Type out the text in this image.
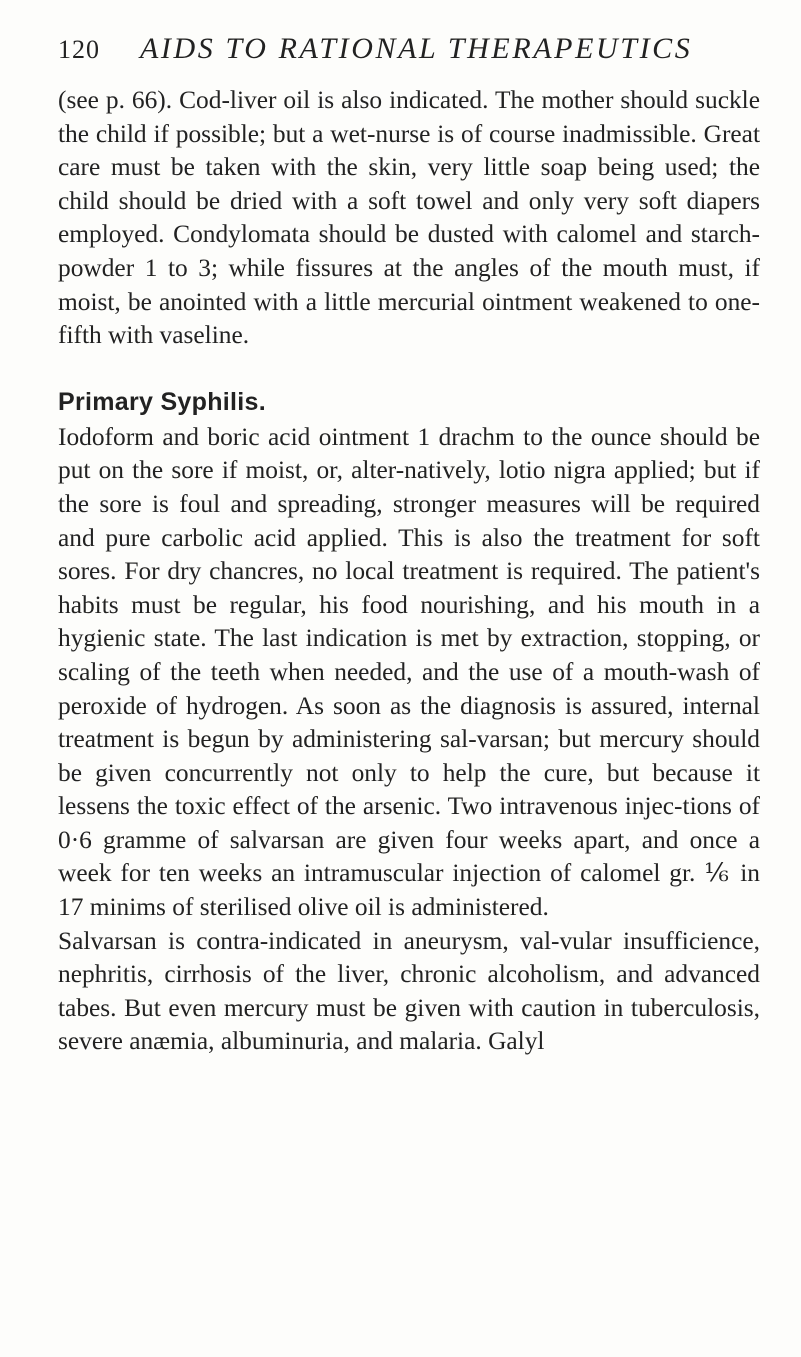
120	AIDS TO RATIONAL THERAPEUTICS

(see p. 66). Cod-liver oil is also indicated. The mother should suckle the child if possible; but a wet-nurse is of course inadmissible. Great care must be taken with the skin, very little soap being used; the child should be dried with a soft towel and only very soft diapers employed. Condylomata should be dusted with calomel and starch-powder 1 to 3; while fissures at the angles of the mouth must, if moist, be anointed with a little mercurial ointment weakened to one-fifth with vaseline.

Primary Syphilis.

Iodoform and boric acid ointment 1 drachm to the ounce should be put on the sore if moist, or, alter-natively, lotio nigra applied; but if the sore is foul and spreading, stronger measures will be required and pure carbolic acid applied. This is also the treatment for soft sores. For dry chancres, no local treatment is required. The patient's habits must be regular, his food nourishing, and his mouth in a hygienic state. The last indication is met by extraction, stopping, or scaling of the teeth when needed, and the use of a mouth-wash of peroxide of hydrogen. As soon as the diagnosis is assured, internal treatment is begun by administering sal-varsan; but mercury should be given concurrently not only to help the cure, but because it lessens the toxic effect of the arsenic. Two intravenous injec-tions of 0·6 gramme of salvarsan are given four weeks apart, and once a week for ten weeks an intramuscular injection of calomel gr. ⅙ in 17 minims of sterilised olive oil is administered.

Salvarsan is contra-indicated in aneurysm, val-vular insufficience, nephritis, cirrhosis of the liver, chronic alcoholism, and advanced tabes. But even mercury must be given with caution in tuberculosis, severe anæmia, albuminuria, and malaria. Galyl
